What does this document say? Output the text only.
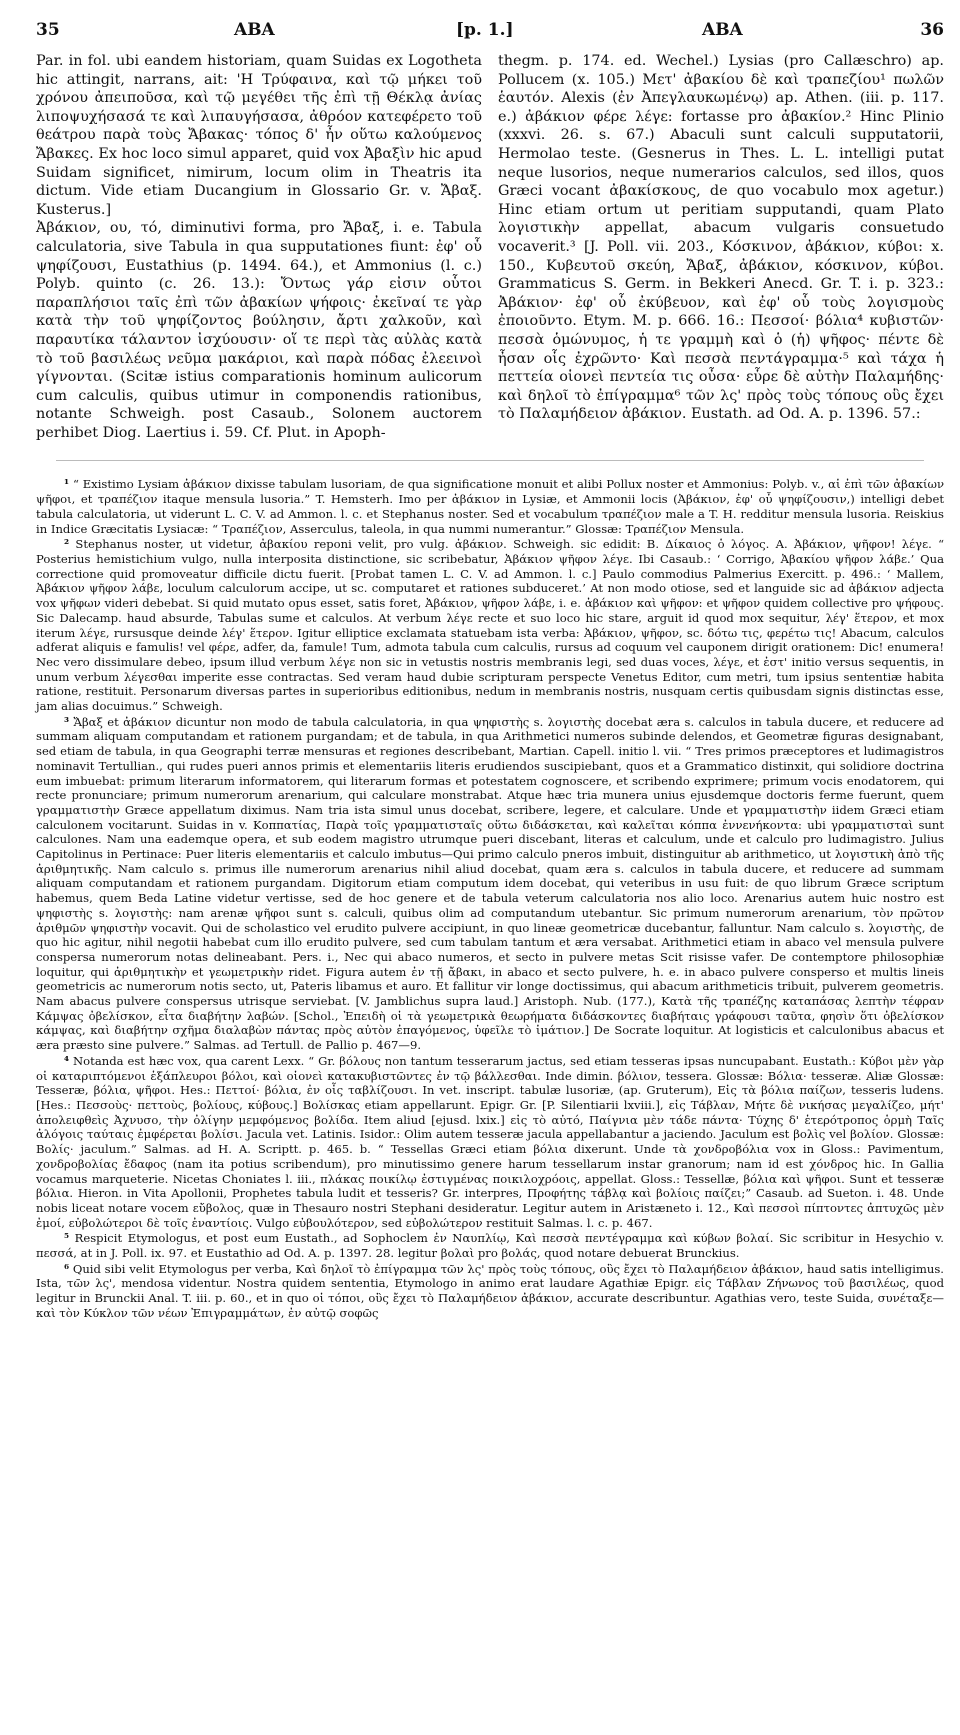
35	ABA	[p. 1.]	ABA	36

Par. in fol. ubi eandem historiam, quam Suidas ex Logotheta hic attingit, narrans, ait: 'Η Τρύφαινα, καὶ τῷ μήκει τοῦ χρόνου ἀπειποῦσα, καὶ τῷ μεγέθει τῆς ἐπὶ τῇ Θέκλᾳ ἀνίας λιποψυχήσασά τε καὶ λιπαυγήσασα, ἀθρόον κατεφέρετο τοῦ θεάτρου παρὰ τοὺς Ἄβακας· τόπος δ' ἦν οὕτω καλούμενος Ἄβακες. Ex hoc loco simul apparet, quid vox Ἀβαξὶν hic apud Suidam significet, nimirum, locum olim in Theatris ita dictum. Vide etiam Ducangium in Glossario Gr. v. Ἄβαξ. Kusterus.]

Ἀβάκιον, ου, τό, diminutivi forma, pro Ἄβαξ, i. e. Tabula calculatoria, sive Tabula in qua supputationes fiunt: ἐφ' οὗ ψηφίζουσι, Eustathius (p. 1494. 64.), et Ammonius (l. c.) Polyb. quinto (c. 26. 13.): Ὄντως γάρ εἰσιν οὗτοι παραπλήσιοι ταῖς ἐπὶ τῶν ἀβακίων ψήφοις· ἐκεῖναί τε γὰρ κατὰ τὴν τοῦ ψηφίζοντος βούλησιν, ἄρτι χαλκοῦν, καὶ παραυτίκα τάλαντον ἰσχύουσιν· οἵ τε περὶ τὰς αὐλὰς κατὰ τὸ τοῦ βασιλέως νεῦμα μακάριοι, καὶ παρὰ πόδας ἐλεεινοὶ γίγνονται. (Scitæ istius comparationis hominum aulicorum cum calculis, quibus utimur in componendis rationibus, notante Schweigh. post Casaub., Solonem auctorem perhibet Diog. Laertius i. 59. Cf. Plut. in Apoph-

thegm. p. 174. ed. Wechel.) Lysias (pro Callæschro) ap. Pollucem (x. 105.) Μετ' ἀβακίου δὲ καὶ τραπεζίου¹ πωλῶν ἑαυτόν. Alexis (ἐν Ἀπεγλαυκωμένῳ) ap. Athen. (iii. p. 117. e.) ἀβάκιον φέρε λέγε: fortasse pro ἀβακίον.² Hinc Plinio (xxxvi. 26. s. 67.) Abaculi sunt calculi supputatorii, Hermolao teste. (Gesnerus in Thes. L. L. intelligi putat neque lusorios, neque numerarios calculos, sed illos, quos Græci vocant ἀβακίσκους, de quo vocabulo mox agetur.) Hinc etiam ortum ut peritiam supputandi, quam Plato λογιστικὴν appellat, abacum vulgaris consuetudo vocaverit.³ [J. Poll. vii. 203., Κόσκινον, ἀβάκιον, κύβοι: x. 150., Κυβευτοῦ σκεύη, Ἄβαξ, ἀβάκιον, κόσκινον, κύβοι. Grammaticus S. Germ. in Bekkeri Anecd. Gr. T. i. p. 323.: Ἀβάκιον· ἐφ' οὗ ἐκύβευον, καὶ ἐφ' οὗ τοὺς λογισμοὺς ἐποιοῦντο. Etym. M. p. 666. 16.: Πεσσοί· βόλια⁴ κυβιστῶν· πεσσὰ ὁμώνυμος, ἡ τε γραμμὴ καὶ ὁ (ἡ) ψῆφος· πέντε δὲ ἦσαν οἷς ἐχρῶντο· Καὶ πεσσὰ πεντάγραμμα·⁵ καὶ τάχα ἡ πεττεία οἱονεὶ πεντεία τις οὖσα· εὗρε δὲ αὐτὴν Παλαμήδης· καὶ δηλοῖ τὸ ἐπίγραμμα⁶ τῶν λς' πρὸς τοὺς τόπους οὓς ἔχει τὸ Παλαμήδειον ἀβάκιον. Eustath. ad Od. A. p. 1396. 57.:

¹ “ Existimo Lysiam ἀβάκιον dixisse tabulam lusoriam, de qua significatione monuit et alibi Pollux noster et Ammonius: Polyb. v., αἱ ἐπὶ τῶν ἀβακίων ψῆφοι, et τραπέζιον itaque mensula lusoria.” T. Hemsterh. Imo per ἀβάκιον in Lysiæ, et Ammonii locis (Ἀβάκιον, ἐφ' οὗ ψηφίζουσιν,) intelligi debet tabula calculatoria, ut viderunt L. C. V. ad Ammon. l. c. et Stephanus noster. Sed et vocabulum τραπέζιον male a T. H. redditur mensula lusoria. Reiskius in Indice Græcitatis Lysiacæ: “ Τραπέζιον, Asserculus, taleola, in qua nummi numerantur.” Glossæ: Τραπέζιον Mensula.

² Stephanus noster, ut videtur, ἀβακίου reponi velit, pro vulg. ἀβάκιον. Schweigh. sic edidit: B. Δίκαιος ὁ λόγος. A. Ἀβάκιον, ψῆφον! λέγε. “ Posterius hemistichium vulgo, nulla interposita distinctione, sic scribebatur, Ἀβάκιον ψῆφον λέγε. Ibi Casaub.: ‘ Corrigo, Ἀβακίου ψῆφον λάβε.’ Qua correctione quid promoveatur difficile dictu fuerit. [Probat tamen L. C. V. ad Ammon. l. c.] Paulo commodius Palmerius Exercitt. p. 496.: ‘ Mallem, Ἀβάκιον ψῆφον λάβε, loculum calculorum accipe, ut sc. computaret et rationes subduceret.’ At non modo otiose, sed et languide sic ad ἀβάκιον adjecta vox ψῆφων videri debebat. Si quid mutato opus esset, satis foret, Ἀβάκιον, ψῆφον λάβε, i. e. ἀβάκιον καὶ ψῆφον: et ψῆφον quidem collective pro ψήφους. Sic Dalecamp. haud absurde, Tabulas sume et calculos. At verbum λέγε recte et suo loco hic stare, arguit id quod mox sequitur, λέγ' ἕτερον, et mox iterum λέγε, rursusque deinde λέγ' ἕτερον. Igitur elliptice exclamata statuebam ista verba: Ἀβάκιον, ψῆφον, sc. δότω τις, φερέτω τις! Abacum, calculos adferat aliquis e famulis! vel φέρε, adfer, da, famule! Tum, admota tabula cum calculis, rursus ad coquum vel cauponem dirigit orationem: Dic! enumera! Nec vero dissimulare debeo, ipsum illud verbum λέγε non sic in vetustis nostris membranis legi, sed duas voces, λέγε, et ἐστ' initio versus sequentis, in unum verbum λέγεσθαι imperite esse contractas. Sed veram haud dubie scripturam perspecte Venetus Editor, cum metri, tum ipsius sententiæ habita ratione, restituit. Personarum diversas partes in superioribus editionibus, nedum in membranis nostris, nusquam certis quibusdam signis distinctas esse, jam alias docuimus.” Schweigh.

³ Ἄβαξ et ἀβάκιον dicuntur non modo de tabula calculatoria, in qua ψηφιστὴς s. λογιστὴς docebat æra s. calculos in tabula ducere, et reducere ad summam aliquam computandam et rationem purgandam; et de tabula, in qua Arithmetici numeros subinde delendos, et Geometræ figuras designabant, sed etiam de tabula, in qua Geographi terræ mensuras et regiones describebant, Martian. Capell. initio l. vii. “ Tres primos præceptores et ludimagistros nominavit Tertullian., qui rudes pueri annos primis et elementariis literis erudiendos suscipiebant, quos et a Grammatico distinxit, qui solidiore doctrina eum imbuebat: primum literarum informatorem, qui literarum formas et potestatem cognoscere, et scribendo exprimere; primum vocis enodatorem, qui recte pronunciare; primum numerorum arenarium, qui calculare monstrabat. Atque hæc tria munera unius ejusdemque doctoris ferme fuerunt, quem γραμματιστὴν Græce appellatum diximus. Nam tria ista simul unus docebat, scribere, legere, et calculare. Unde et γραμματιστὴν iidem Græci etiam calculonem vocitarunt. Suidas in v. Κοππατίας, Παρὰ τοῖς γραμματισταῖς οὕτω διδάσκεται, καὶ καλεῖται κόππα ἐννενήκοντα: ubi γραμματισταὶ sunt calculones. Nam una eademque opera, et sub eodem magistro utrumque pueri discebant, literas et calculum, unde et calculo pro ludimagistro. Julius Capitolinus in Pertinace: Puer literis elementariis et calculo imbutus—Qui primo calculo pneros imbuit, distinguitur ab arithmetico, ut λογιστικὴ ἀπὸ τῆς ἀριθμητικῆς. Nam calculo s. primus ille numerorum arenarius nihil aliud docebat, quam æra s. calculos in tabula ducere, et reducere ad summam aliquam computandam et rationem purgandam. Digitorum etiam computum idem docebat, qui veteribus in usu fuit: de quo librum Græce scriptum habemus, quem Beda Latine videtur vertisse, sed de hoc genere et de tabula veterum calculatoria nos alio loco. Arenarius autem huic nostro est ψηφιστὴς s. λογιστὴς: nam arenæ ψῆφοι sunt s. calculi, quibus olim ad computandum utebantur. Sic primum numerorum arenarium, τὸν πρῶτον ἀριθμῶν ψηφιστὴν vocavit. Qui de scholastico vel erudito pulvere accipiunt, in quo lineæ geometricæ ducebantur, falluntur. Nam calculo s. λογιστὴς, de quo hic agitur, nihil negotii habebat cum illo erudito pulvere, sed cum tabulam tantum et æra versabat. Arithmetici etiam in abaco vel mensula pulvere conspersa numerorum notas delineabant. Pers. i., Nec qui abaco numeros, et secto in pulvere metas Scit risisse vafer. De contemptore philosophiæ loquitur, qui ἀριθμητικὴν et γεωμετρικὴν ridet. Figura autem ἐν τῇ ἄβακι, in abaco et secto pulvere, h. e. in abaco pulvere consperso et multis lineis geometricis ac numerorum notis secto, ut, Pateris libamus et auro. Et fallitur vir longe doctissimus, qui abacum arithmeticis tribuit, pulverem geometris. Nam abacus pulvere conspersus utrisque serviebat. [V. Jamblichus supra laud.] Aristoph. Nub. (177.), Κατὰ τῆς τραπέζης καταπάσας λεπτὴν τέφραν Κάμψας ὀβελίσκον, εἶτα διαβήτην λαβών. [Schol., Ἐπειδὴ οἱ τὰ γεωμετρικὰ θεωρήματα διδάσκοντες διαβήταις γράφουσι ταῦτα, φησὶν ὅτι ὀβελίσκον κάμψας, καὶ διαβήτην σχῆμα διαλαβὼν πάντας πρὸς αὐτὸν ἐπαγόμενος, ὑφεῖλε τὸ ἱμάτιον.] De Socrate loquitur. At logisticis et calculonibus abacus et æra præsto sine pulvere.” Salmas. ad Tertull. de Pallio p. 467—9.

⁴ Notanda est hæc vox, qua carent Lexx. “ Gr. βόλους non tantum tesserarum jactus, sed etiam tesseras ipsas nuncupabant. Eustath.: Κύβοι μὲν γὰρ οἱ καταριπτόμενοι ἑξάπλευροι βόλοι, καὶ οἱονεὶ κατακυβιστῶντες ἐν τῷ βάλλεσθαι. Inde dimin. βόλιον, tessera. Glossæ: Βόλια· tesseræ. Aliæ Glossæ: Tesseræ, βόλια, ψῆφοι. Hes.: Πεττοί· βόλια, ἐν οἷς ταβλίζουσι. In vet. inscript. tabulæ lusoriæ, (ap. Gruterum), Εἰς τὰ βόλια παίζων, tesseris ludens. [Hes.: Πεσσοὺς· πεττοὺς, βολίους, κύβους.] Βολίσκας etiam appellarunt. Epigr. Gr. [P. Silentiarii lxviii.], εἰς Τάβλαν, Μήτε δὲ νικήσας μεγαλίζεο, μήτ' ἀπολειφθεὶς Ἀχνυσο, τὴν ὀλίγην μεμφόμενος βολίδα. Item aliud [ejusd. lxix.] εἰς τὸ αὐτό, Παίγνια μὲν τάδε πάντα· Τύχης δ' ἑτερότροπος ὁρμὴ Ταῖς ἀλόγοις ταύταις ἐμφέρεται βολίσι. Jacula vet. Latinis. Isidor.: Olim autem tesseræ jacula appellabantur a jaciendo. Jaculum est βολὶς vel βολίον. Glossæ: Βολίς· jaculum.” Salmas. ad H. A. Scriptt. p. 465. b. “ Tessellas Græci etiam βόλια dixerunt. Unde τὰ χονδροβόλια vox in Gloss.: Pavimentum, χονδροβολίας ἔδαφος (nam ita potius scribendum), pro minutissimo genere harum tessellarum instar granorum; nam id est χόνδρος hic. In Gallia vocamus marqueterie. Nicetas Choniates l. iii., πλάκας ποικίλῳ ἐστιγμένας ποικιλοχρόοις, appellat. Gloss.: Tessellæ, βόλια καὶ ψῆφοι. Sunt et tesseræ βόλια. Hieron. in Vita Apollonii, Prophetes tabula ludit et tesseris? Gr. interpres, Προφήτης τάβλᾳ καὶ βολίοις παίζει;” Casaub. ad Sueton. i. 48. Unde nobis liceat notare vocem εὔβολος, quæ in Thesauro nostri Stephani desideratur. Legitur autem in Aristæneto i. 12., Καὶ πεσσοὶ πίπτοντες ἀπτυχῶς μὲν ἐμοί, εὐβολώτεροι δὲ τοῖς ἐναντίοις. Vulgo εὐβουλότερον, sed εὐβολώτερον restituit Salmas. l. c. p. 467.

⁵ Respicit Etymologus, et post eum Eustath., ad Sophoclem ἐν Ναυπλίῳ, Καὶ πεσσὰ πεντέγραμμα καὶ κύβων βολαί. Sic scribitur in Hesychio v. πεσσά, at in J. Poll. ix. 97. et Eustathio ad Od. A. p. 1397. 28. legitur βολαὶ pro βολάς, quod notare debuerat Brunckius.

⁶ Quid sibi velit Etymologus per verba, Καὶ δηλοῖ τὸ ἐπίγραμμα τῶν λς' πρὸς τοὺς τόπους, οὓς ἔχει τὸ Παλαμήδειον ἀβάκιον, haud satis intelligimus. Ista, τῶν λς', mendosa videntur. Nostra quidem sententia, Etymologo in animo erat laudare Agathiæ Epigr. εἰς Τάβλαν Ζήνωνος τοῦ βασιλέως, quod legitur in Brunckii Anal. T. iii. p. 60., et in quo οἱ τόποι, οὓς ἔχει τὸ Παλαμήδειον ἀβάκιον, accurate describuntur. Agathias vero, teste Suida, συνέταξε—καὶ τὸν Κύκλον τῶν νέων Ἐπιγραμμάτων, ἐν αὐτῷ σοφῶς
